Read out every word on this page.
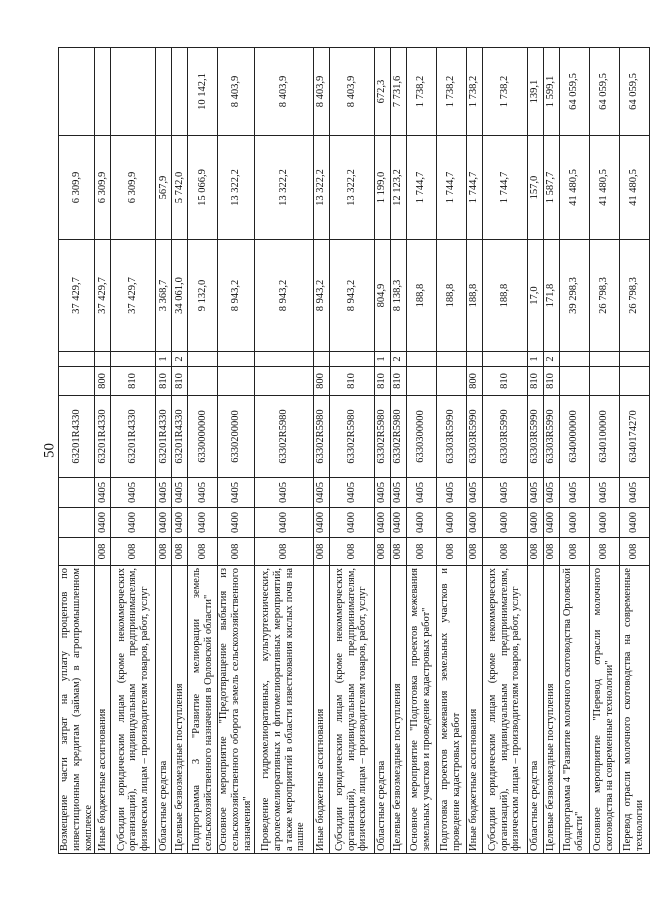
50
Возмещение части затрат на уплату процентов по инвестиционным кредитам (займам) в агропромышленном комплексе				63201R4330			37 429,7	6 309,9	
Иные бюджетные ассигнования	008	0400	0405	63201R4330	800		37 429,7	6 309,9	
Субсидии юридическим лицам (кроме некоммерческих организаций), индивидуальным предпринимателям, физическим лицам – производителям товаров, работ, услуг	008	0400	0405	63201R4330	810		37 429,7	6 309,9	
Областные средства	008	0400	0405	63201R4330	810	1	3 368,7	567,9	
Целевые безвозмездные поступления	008	0400	0405	63201R4330	810	2	34 061,0	5 742,0	
Подпрограмма 3 "Развитие мелиорации земель сельскохозяйственного назначения в Орловской области"	008	0400	0405	6330000000			9 132,0	15 066,9	10 142,1
Основное мероприятие "Предотвращение выбытия из сельскохозяйственного оборота земель сельскохозяйственного назначения"	008	0400	0405	6330200000			8 943,2	13 322,2	8 403,9
Проведение гидромелиоративных, культуртехнических, агролесомелиоративных и фитомелиоративных мероприятий, а также мероприятий в области известкования кислых почв на пашне	008	0400	0405	63302R5980			8 943,2	13 322,2	8 403,9
Иные бюджетные ассигнования	008	0400	0405	63302R5980	800		8 943,2	13 322,2	8 403,9
Субсидии юридическим лицам (кроме некоммерческих организаций), индивидуальным предпринимателям, физическим лицам – производителям товаров, работ, услуг	008	0400	0405	63302R5980	810		8 943,2	13 322,2	8 403,9
Областные средства	008	0400	0405	63302R5980	810	1	804,9	1 199,0	672,3
Целевые безвозмездные поступления	008	0400	0405	63302R5980	810	2	8 138,3	12 123,2	7 731,6
Основное мероприятие "Подготовка проектов межевания земельных участков и проведение кадастровых работ"	008	0400	0405	6330300000			188,8	1 744,7	1 738,2
Подготовка проектов межевания земельных участков и проведение кадастровых работ	008	0400	0405	63303R5990			188,8	1 744,7	1 738,2
Иные бюджетные ассигнования	008	0400	0405	63303R5990	800		188,8	1 744,7	1 738,2
Субсидии юридическим лицам (кроме некоммерческих организаций), индивидуальным предпринимателям, физическим лицам – производителям товаров, работ, услуг	008	0400	0405	63303R5990	810		188,8	1 744,7	1 738,2
Областные средства	008	0400	0405	63303R5990	810	1	17,0	157,0	139,1
Целевые безвозмездные поступления	008	0400	0405	63303R5990	810	2	171,8	1 587,7	1 599,1
Подпрограмма 4 "Развитие молочного скотоводства Орловской области"	008	0400	0405	6340000000			39 298,3	41 480,5	64 059,5
Основное мероприятие "Перевод отрасли молочного скотоводства на современные технологии"	008	0400	0405	6340100000			26 798,3	41 480,5	64 059,5
Перевод отрасли молочного скотоводства на современные технологии	008	0400	0405	6340174270			26 798,3	41 480,5	64 059,5
